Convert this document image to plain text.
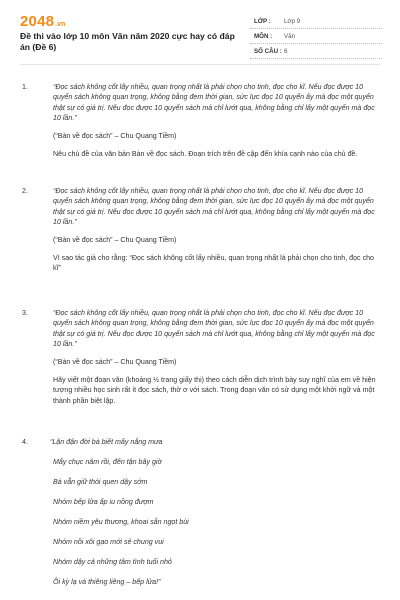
2048 .vn
Đề thi vào lớp 10 môn Văn năm 2020 cực hay có đáp án (Đề 6)
LỚP : Lớp 9
MÔN : Văn
SỐ CÂU : 6
1.	“Đọc sách không cốt lấy nhiều, quan trọng nhất là phải chọn cho tinh, đọc cho kĩ. Nếu đọc được 10 quyển sách không quan trọng, không bằng đem thời gian, sức lực đọc 10 quyển ấy mà đọc một quyển thật sự có giá trị. Nếu đọc được 10 quyển sách mà chỉ lướt qua, không bằng chỉ lấy một quyển mà đọc 10 lần.”
(“Bàn về đọc sách” – Chu Quang Tiềm)
Nêu chủ đề của văn bản Bàn về đọc sách. Đoạn trích trên đề cập đến khía cạnh nào của chủ đề.
2.	“Đọc sách không cốt lấy nhiều, quan trọng nhất là phải chọn cho tinh, đọc cho kĩ. Nếu đọc được 10 quyển sách không quan trọng, không bằng đem thời gian, sức lực đọc 10 quyển ấy mà đọc một quyển thật sự có giá trị. Nếu đọc được 10 quyển sách mà chỉ lướt qua, không bằng chỉ lấy một quyển mà đọc 10 lần.”
(“Bàn về đọc sách” – Chu Quang Tiềm)
Vì sao tác giả cho rằng: “Đọc sách không cốt lấy nhiều, quan trọng nhất là phải chọn cho tinh, đọc cho kĩ”
3.	“Đọc sách không cốt lấy nhiều, quan trọng nhất là phải chọn cho tinh, đọc cho kĩ. Nếu đọc được 10 quyển sách không quan trọng, không bằng đem thời gian, sức lực đọc 10 quyển ấy mà đọc một quyển thật sự có giá trị. Nếu đọc được 10 quyển sách mà chỉ lướt qua, không bằng chỉ lấy một quyển mà đọc 10 lần.”
(“Bàn về đọc sách” – Chu Quang Tiềm)
Hãy viết một đoạn văn (khoảng ½ trang giấy thi) theo cách diễn dịch trình bày suy nghĩ của em về hiện tượng nhiều học sinh rất ít đọc sách, thờ ơ với sách. Trong đoạn văn có sử dụng một khởi ngữ và một thành phần biệt lập.
4.	“Lận đận đời bà biết mấy nắng mưa
Mấy chục năm rồi, đến tận bây giờ
Bà vẫn giữ thói quen dậy sớm
Nhóm bếp lửa ấp iu nồng đượm
Nhóm niềm yêu thương, khoai sắn ngọt bùi
Nhóm nồi xôi gạo mới sẻ chung vui
Nhóm dậy cả những tâm tình tuổi nhỏ
Ôi kỳ lạ và thiêng liêng – bếp lửa!”
